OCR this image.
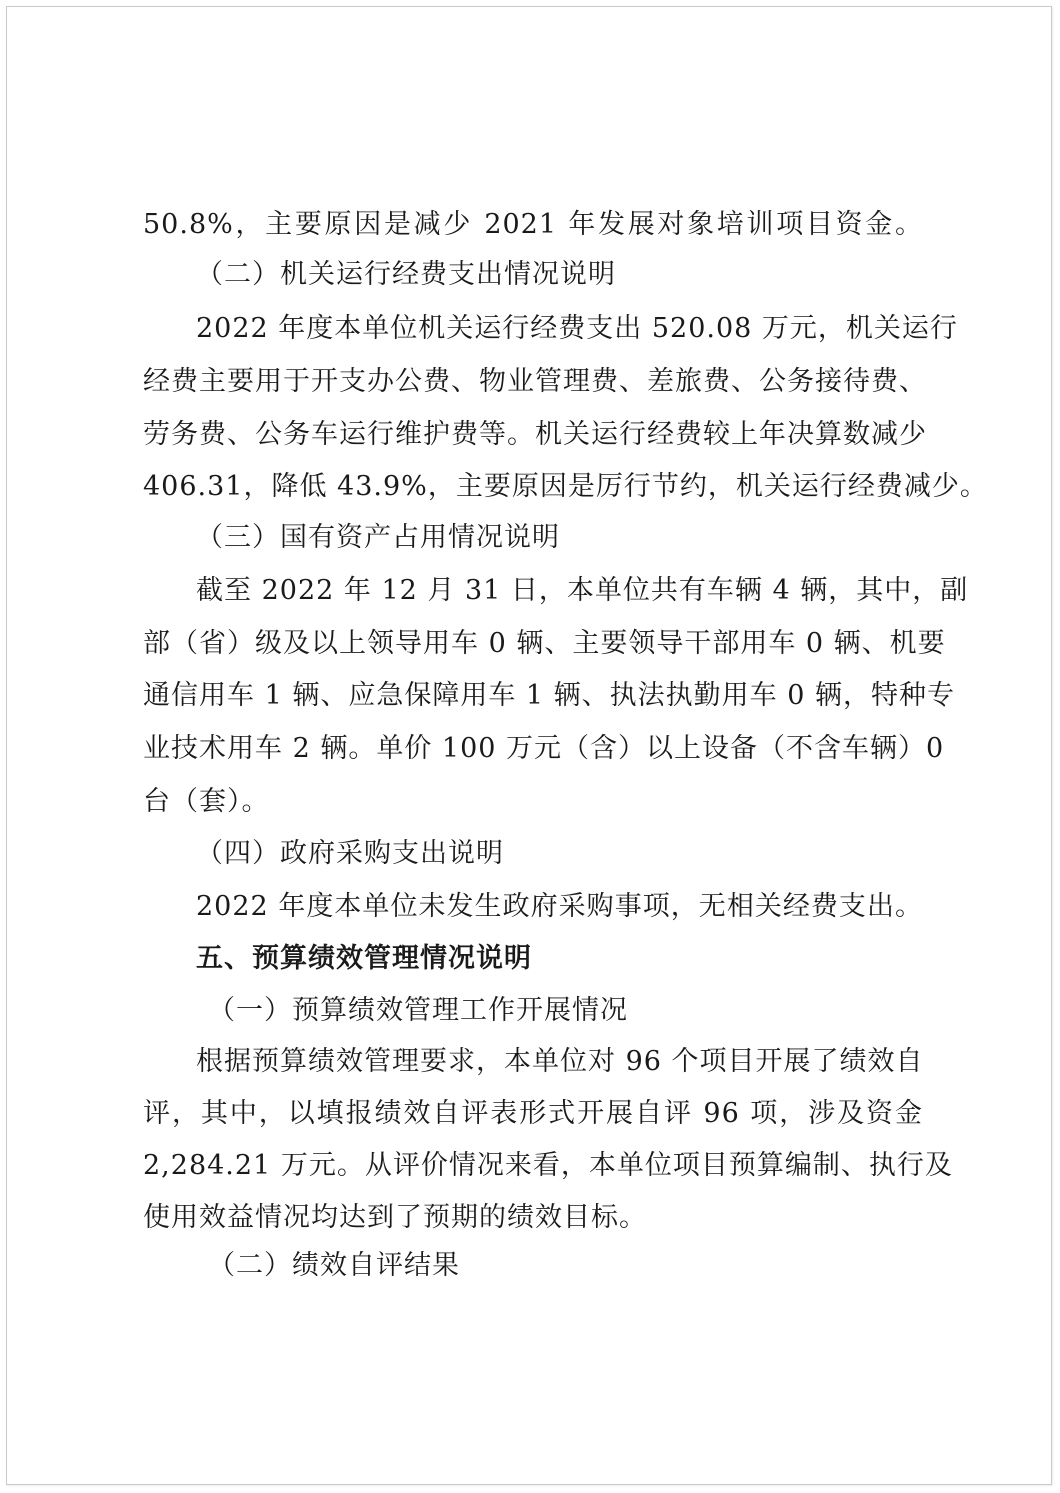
50.8%，主要原因是减少 2021 年发展对象培训项目资金。
（二）机关运行经费支出情况说明
2022 年度本单位机关运行经费支出 520.08 万元，机关运行
经费主要用于开支办公费、物业管理费、差旅费、公务接待费、
劳务费、公务车运行维护费等。机关运行经费较上年决算数减少
406.31，降低 43.9%，主要原因是厉行节约，机关运行经费减少。
（三）国有资产占用情况说明
截至 2022 年 12 月 31 日，本单位共有车辆 4 辆，其中，副
部（省）级及以上领导用车 0 辆、主要领导干部用车 0 辆、机要
通信用车 1 辆、应急保障用车 1 辆、执法执勤用车 0 辆，特种专
业技术用车 2 辆。单价 100 万元（含）以上设备（不含车辆）0
台（套）。
（四）政府采购支出说明
2022 年度本单位未发生政府采购事项，无相关经费支出。
五、预算绩效管理情况说明
（一）预算绩效管理工作开展情况
根据预算绩效管理要求，本单位对 96 个项目开展了绩效自
评，其中，以填报绩效自评表形式开展自评 96 项，涉及资金
2,284.21 万元。从评价情况来看，本单位项目预算编制、执行及
使用效益情况均达到了预期的绩效目标。
（二）绩效自评结果
